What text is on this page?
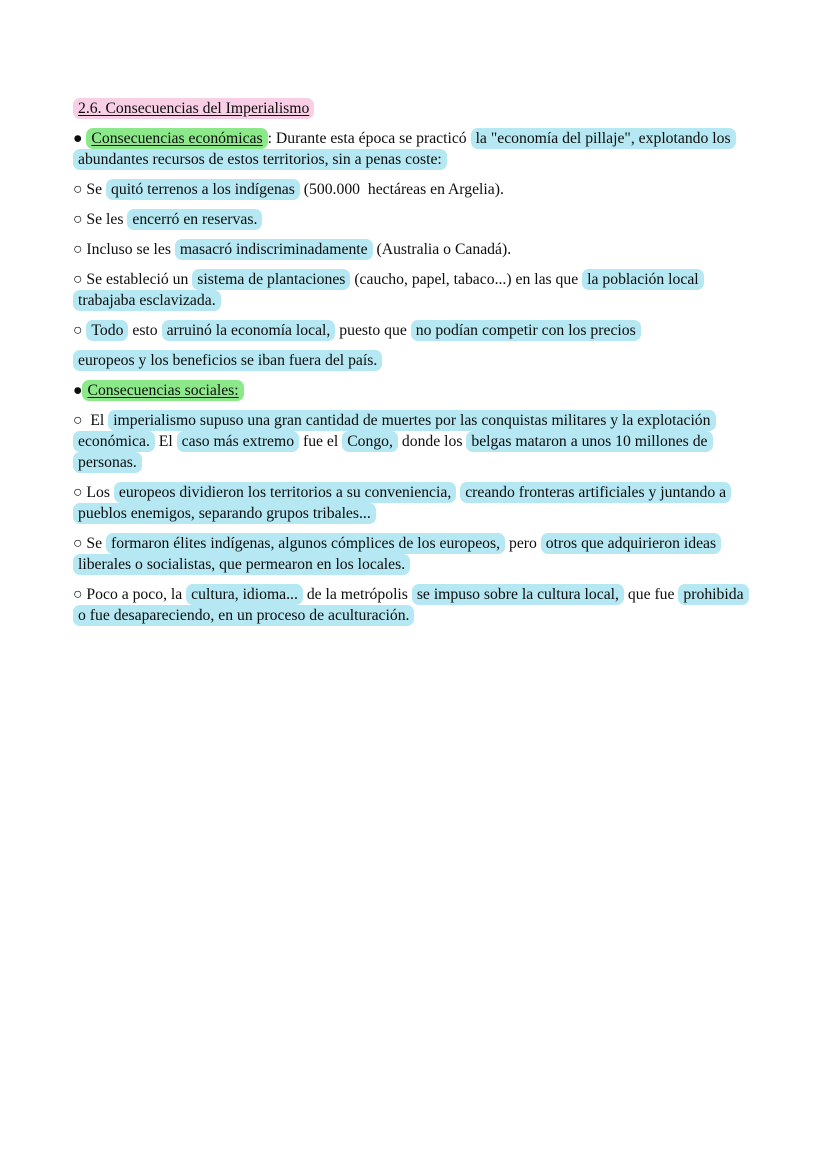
2.6. Consecuencias del Imperialismo

● Consecuencias económicas : Durante esta época se practicó la "economía del pillaje", explotando los abundantes recursos de estos territorios, sin a penas coste:

○ Se quitó terrenos a los indígenas (500.000  hectáreas en Argelia).

○ Se les encerró en reservas.

○ Incluso se les masacró indiscriminadamente (Australia o Canadá).

○ Se estableció un sistema de plantaciones (caucho, papel, tabaco...) en las que la población local trabajaba esclavizada.

○ Todo esto arruinó la economía local, puesto que no podían competir con los precios

europeos y los beneficios se iban fuera del país.

● Consecuencias sociales:

○  El imperialismo supuso una gran cantidad de muertes por las conquistas militares y la explotación económica. El caso más extremo fue el Congo, donde los belgas mataron a unos 10 millones de personas.

○ Los europeos dividieron los territorios a su conveniencia, creando fronteras artificiales y juntando a pueblos enemigos, separando grupos tribales...

○ Se formaron élites indígenas, algunos cómplices de los europeos, pero otros que adquirieron ideas liberales o socialistas, que permearon en los locales.

○ Poco a poco, la cultura, idioma... de la metrópolis se impuso sobre la cultura local, que fue prohibida o fue desapareciendo, en un proceso de aculturación.
